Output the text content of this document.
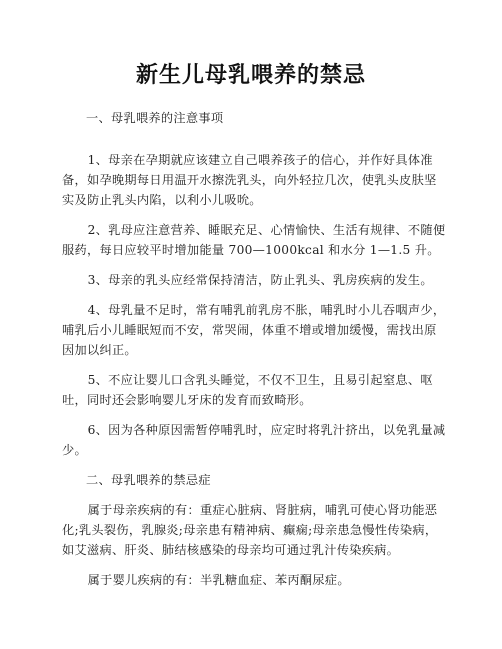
新生儿母乳喂养的禁忌

一、母乳喂养的注意事项

1、母亲在孕期就应该建立自己喂养孩子的信心，并作好具体准备，如孕晚期每日用温开水擦洗乳头，向外轻拉几次，使乳头皮肤坚实及防止乳头内陷，以利小儿吸吮。

2、乳母应注意营养、睡眠充足、心情愉快、生活有规律、不随便服药，每日应较平时增加能量 700—1000kcal 和水分 1—1.5 升。

3、母亲的乳头应经常保持清洁，防止乳头、乳房疾病的发生。

4、母乳量不足时，常有哺乳前乳房不胀，哺乳时小儿吞咽声少，哺乳后小儿睡眠短而不安，常哭闹，体重不增或增加缓慢，需找出原因加以纠正。

5、不应让婴儿口含乳头睡觉，不仅不卫生，且易引起窒息、呕吐，同时还会影响婴儿牙床的发育而致畸形。

6、因为各种原因需暂停哺乳时，应定时将乳汁挤出，以免乳量减少。

二、母乳喂养的禁忌症

属于母亲疾病的有：重症心脏病、肾脏病，哺乳可使心肾功能恶化;乳头裂伤，乳腺炎;母亲患有精神病、癫痫;母亲患急慢性传染病，如艾滋病、肝炎、肺结核感染的母亲均可通过乳汁传染疾病。

属于婴儿疾病的有：半乳糖血症、苯丙酮尿症。
